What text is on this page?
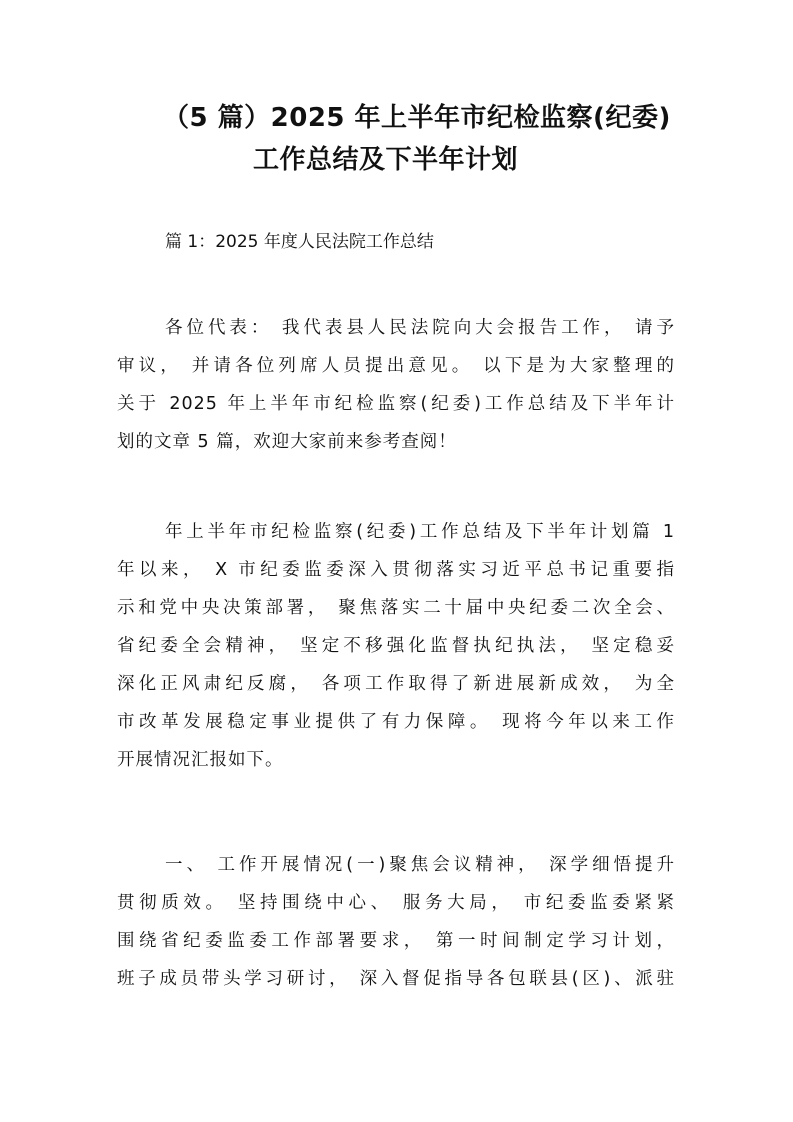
（5 篇）2025 年上半年市纪检监察(纪委)
工作总结及下半年计划
篇 1：2025 年度人民法院工作总结
各位代表： 我代表县人民法院向大会报告工作， 请予
审议， 并请各位列席人员提出意见。 以下是为大家整理的
关于 2025 年上半年市纪检监察(纪委)工作总结及下半年计
划的文章 5 篇，欢迎大家前来参考查阅！
年上半年市纪检监察(纪委)工作总结及下半年计划篇 1
年以来， X 市纪委监委深入贯彻落实习近平总书记重要指
示和党中央决策部署， 聚焦落实二十届中央纪委二次全会、
省纪委全会精神， 坚定不移强化监督执纪执法， 坚定稳妥
深化正风肃纪反腐， 各项工作取得了新进展新成效， 为全
市改革发展稳定事业提供了有力保障。 现将今年以来工作
开展情况汇报如下。
一、 工作开展情况(一)聚焦会议精神， 深学细悟提升
贯彻质效。 坚持围绕中心、 服务大局， 市纪委监委紧紧
围绕省纪委监委工作部署要求， 第一时间制定学习计划，
班子成员带头学习研讨， 深入督促指导各包联县(区)、派驻
